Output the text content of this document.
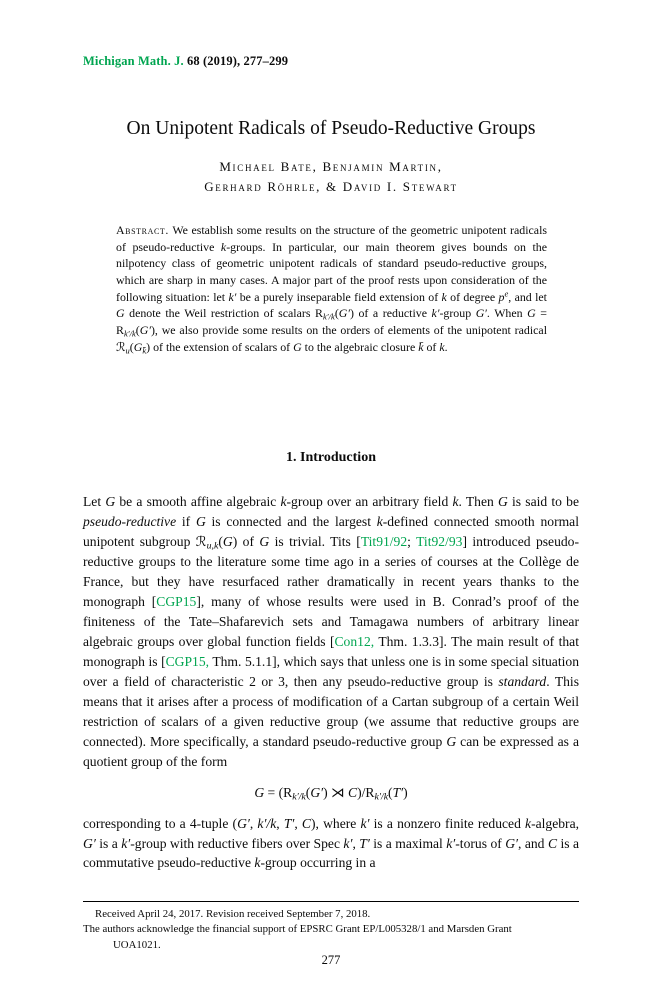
Michigan Math. J. 68 (2019), 277–299
On Unipotent Radicals of Pseudo-Reductive Groups
Michael Bate, Benjamin Martin,
Gerhard Röhrle, & David I. Stewart

Abstract. We establish some results on the structure of the geometric unipotent radicals of pseudo-reductive k-groups. In particular, our main theorem gives bounds on the nilpotency class of geometric unipotent radicals of standard pseudo-reductive groups, which are sharp in many cases. A major part of the proof rests upon consideration of the following situation: let k′ be a purely inseparable field extension of k of degree $p^e$, and let G denote the Weil restriction of scalars $R_{k'/k}(G')$ of a reductive k′-group G′. When $G = R_{k'/k}(G')$, we also provide some results on the orders of elements of the unipotent radical $ℛ_u(G_{k̄})$ of the extension of scalars of G to the algebraic closure k̄ of k.

1. Introduction

Let G be a smooth affine algebraic k-group over an arbitrary field k. Then G is said to be pseudo-reductive if G is connected and the largest k-defined connected smooth normal unipotent subgroup ℛ$_{u,k}$(G) of G is trivial. Tits [Tit91/92; Tit92/93] introduced pseudo-reductive groups to the literature some time ago in a series of courses at the Collège de France, but they have resurfaced rather dramatically in recent years thanks to the monograph [CGP15], many of whose results were used in B. Conrad’s proof of the finiteness of the Tate–Shafarevich sets and Tamagawa numbers of arbitrary linear algebraic groups over global function fields [Con12, Thm. 1.3.3]. The main result of that monograph is [CGP15, Thm. 5.1.1], which says that unless one is in some special situation over a field of characteristic 2 or 3, then any pseudo-reductive group is standard. This means that it arises after a process of modification of a Cartan subgroup of a certain Weil restriction of scalars of a given reductive group (we assume that reductive groups are connected). More specifically, a standard pseudo-reductive group G can be expressed as a quotient group of the form

$G = (R_{k'/k}(G')$ ⋊ $C)/R_{k'/k}(T')$

corresponding to a 4-tuple (G′, k′/k, T′, C), where k′ is a nonzero finite reduced k-algebra, G′ is a k′-group with reductive fibers over Spec k′, T′ is a maximal k′-torus of G′, and C is a commutative pseudo-reductive k-group occurring in a

Received April 24, 2017. Revision received September 7, 2018.
The authors acknowledge the financial support of EPSRC Grant EP/L005328/1 and Marsden Grant
UOA1021.
277
